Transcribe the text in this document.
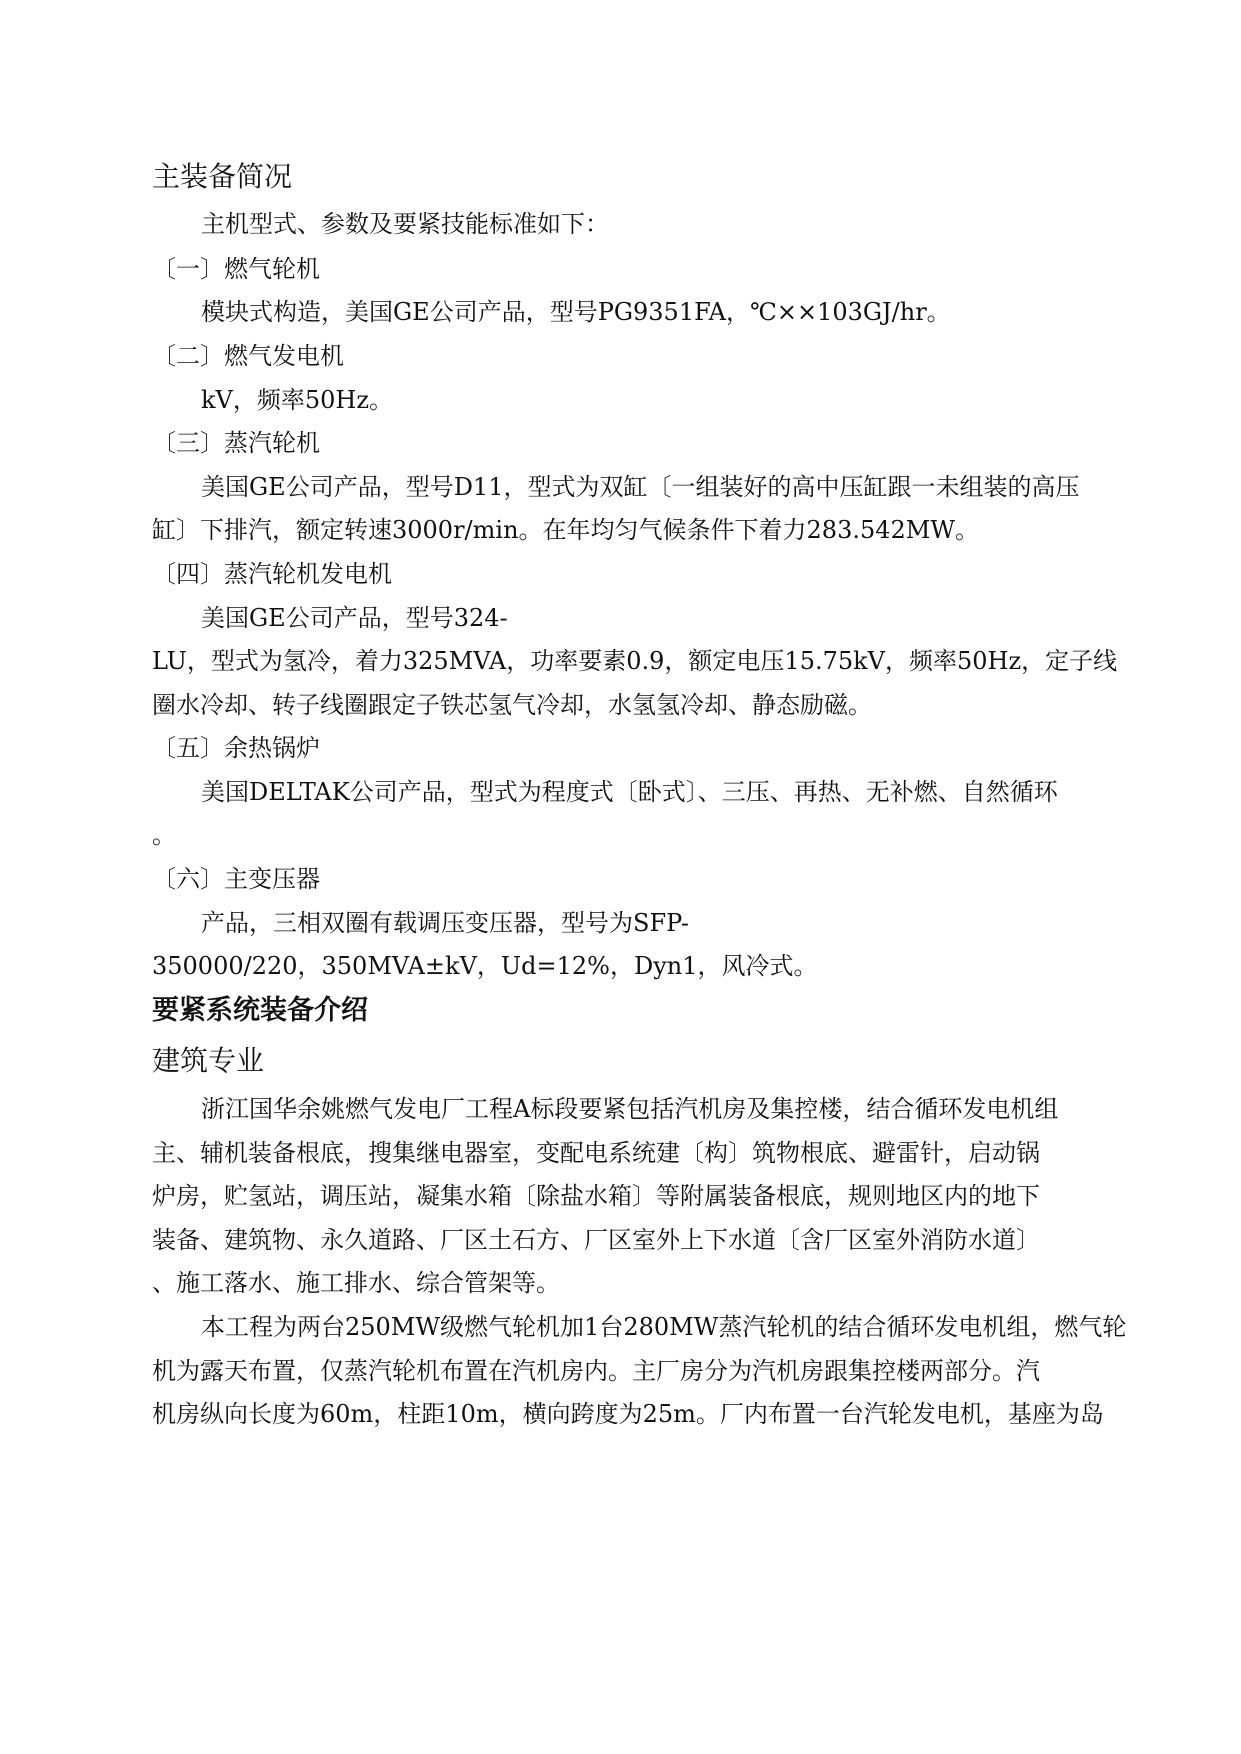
主装备简况
主机型式、参数及要紧技能标准如下：
〔一〕燃气轮机
模块式构造，美国GE公司产品，型号PG9351FA，℃××103GJ/hr。
〔二〕燃气发电机
kV，频率50Hz。
〔三〕蒸汽轮机
美国GE公司产品，型号D11，型式为双缸〔一组装好的高中压缸跟一未组装的高压
缸〕下排汽，额定转速3000r/min。在年均匀气候条件下着力283.542MW。
〔四〕蒸汽轮机发电机
美国GE公司产品，型号324-
LU，型式为氢冷，着力325MVA，功率要素0.9，额定电压15.75kV，频率50Hz，定子线
圈水冷却、转子线圈跟定子铁芯氢气冷却，水氢氢冷却、静态励磁。
〔五〕余热锅炉
美国DELTAK公司产品，型式为程度式〔卧式〕、三压、再热、无补燃、自然循环
。
〔六〕主变压器
产品，三相双圈有载调压变压器，型号为SFP-
350000/220，350MVA±kV，Ud=12%，Dyn1，风冷式。
要紧系统装备介绍
建筑专业
浙江国华余姚燃气发电厂工程A标段要紧包括汽机房及集控楼，结合循环发电机组
主、辅机装备根底，搜集继电器室，变配电系统建〔构〕筑物根底、避雷针，启动锅
炉房，贮氢站，调压站，凝集水箱〔除盐水箱〕等附属装备根底，规则地区内的地下
装备、建筑物、永久道路、厂区土石方、厂区室外上下水道〔含厂区室外消防水道〕
、施工落水、施工排水、综合管架等。
本工程为两台250MW级燃气轮机加1台280MW蒸汽轮机的结合循环发电机组，燃气轮
机为露天布置，仅蒸汽轮机布置在汽机房内。主厂房分为汽机房跟集控楼两部分。汽
机房纵向长度为60m，柱距10m，横向跨度为25m。厂内布置一台汽轮发电机，基座为岛
